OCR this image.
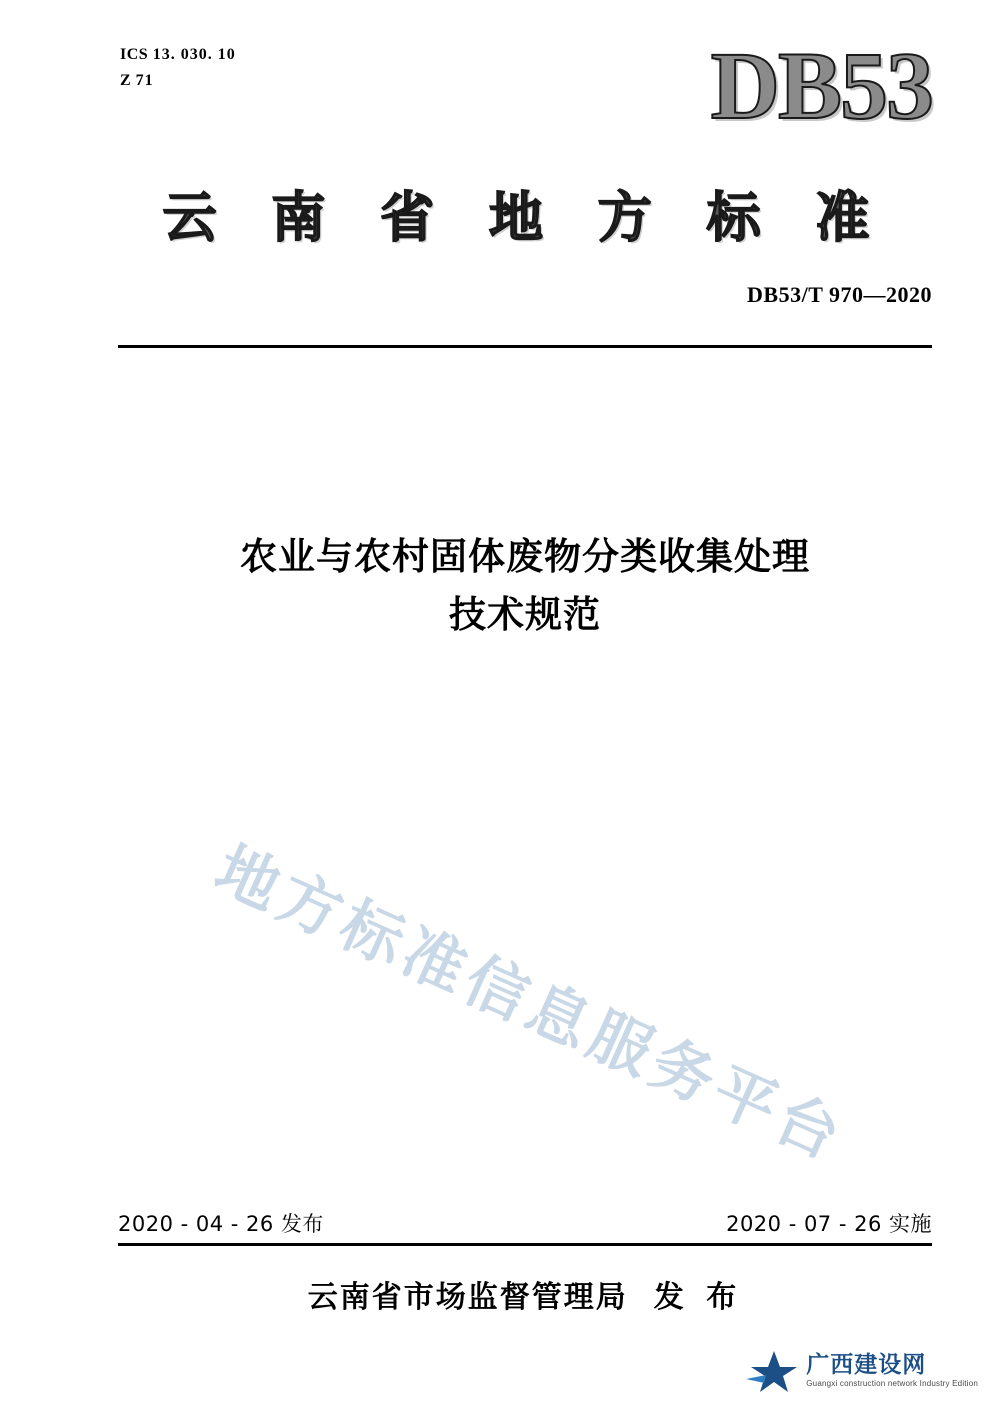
ICS 13. 030. 10
Z 71	DB53
云 南 省 地 方 标 准
DB53/T 970—2020
农业与农村固体废物分类收集处理
技术规范
地方标准信息服务平台
2020 - 04 - 26 发布	2020 - 07 - 26 实施
云南省市场监督管理局 发 布
广西建设网
Guangxi construction network Industry Edition
